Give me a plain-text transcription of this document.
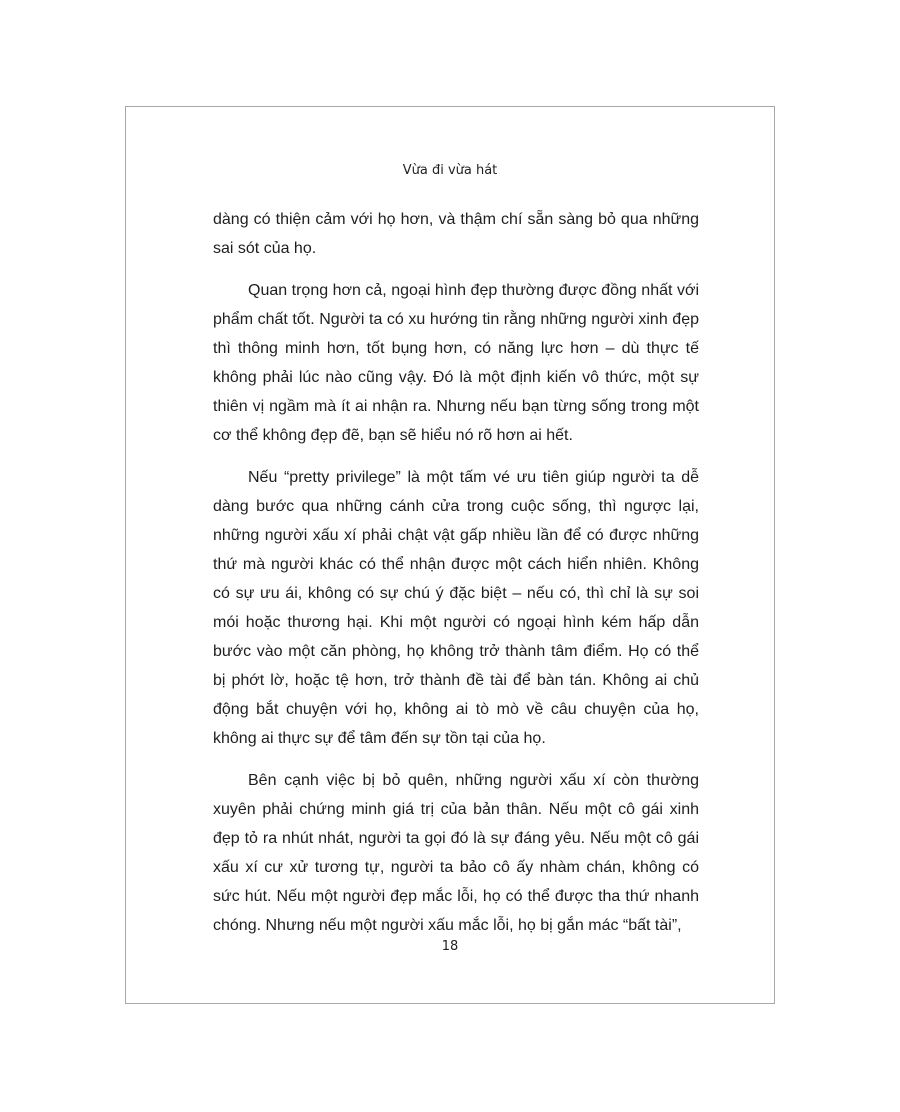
Vừa đi vừa hát

dàng có thiện cảm với họ hơn, và thậm chí sẵn sàng bỏ qua những sai sót của họ.

Quan trọng hơn cả, ngoại hình đẹp thường được đồng nhất với phẩm chất tốt. Người ta có xu hướng tin rằng những người xinh đẹp thì thông minh hơn, tốt bụng hơn, có năng lực hơn – dù thực tế không phải lúc nào cũng vậy. Đó là một định kiến vô thức, một sự thiên vị ngầm mà ít ai nhận ra. Nhưng nếu bạn từng sống trong một cơ thể không đẹp đẽ, bạn sẽ hiểu nó rõ hơn ai hết.

Nếu “pretty privilege” là một tấm vé ưu tiên giúp người ta dễ dàng bước qua những cánh cửa trong cuộc sống, thì ngược lại, những người xấu xí phải chật vật gấp nhiều lần để có được những thứ mà người khác có thể nhận được một cách hiển nhiên. Không có sự ưu ái, không có sự chú ý đặc biệt – nếu có, thì chỉ là sự soi mói hoặc thương hại. Khi một người có ngoại hình kém hấp dẫn bước vào một căn phòng, họ không trở thành tâm điểm. Họ có thể bị phớt lờ, hoặc tệ hơn, trở thành đề tài để bàn tán. Không ai chủ động bắt chuyện với họ, không ai tò mò về câu chuyện của họ, không ai thực sự để tâm đến sự tồn tại của họ.

Bên cạnh việc bị bỏ quên, những người xấu xí còn thường xuyên phải chứng minh giá trị của bản thân. Nếu một cô gái xinh đẹp tỏ ra nhút nhát, người ta gọi đó là sự đáng yêu. Nếu một cô gái xấu xí cư xử tương tự, người ta bảo cô ấy nhàm chán, không có sức hút. Nếu một người đẹp mắc lỗi, họ có thể được tha thứ nhanh chóng. Nhưng nếu một người xấu mắc lỗi, họ bị gắn mác “bất tài”,

18
